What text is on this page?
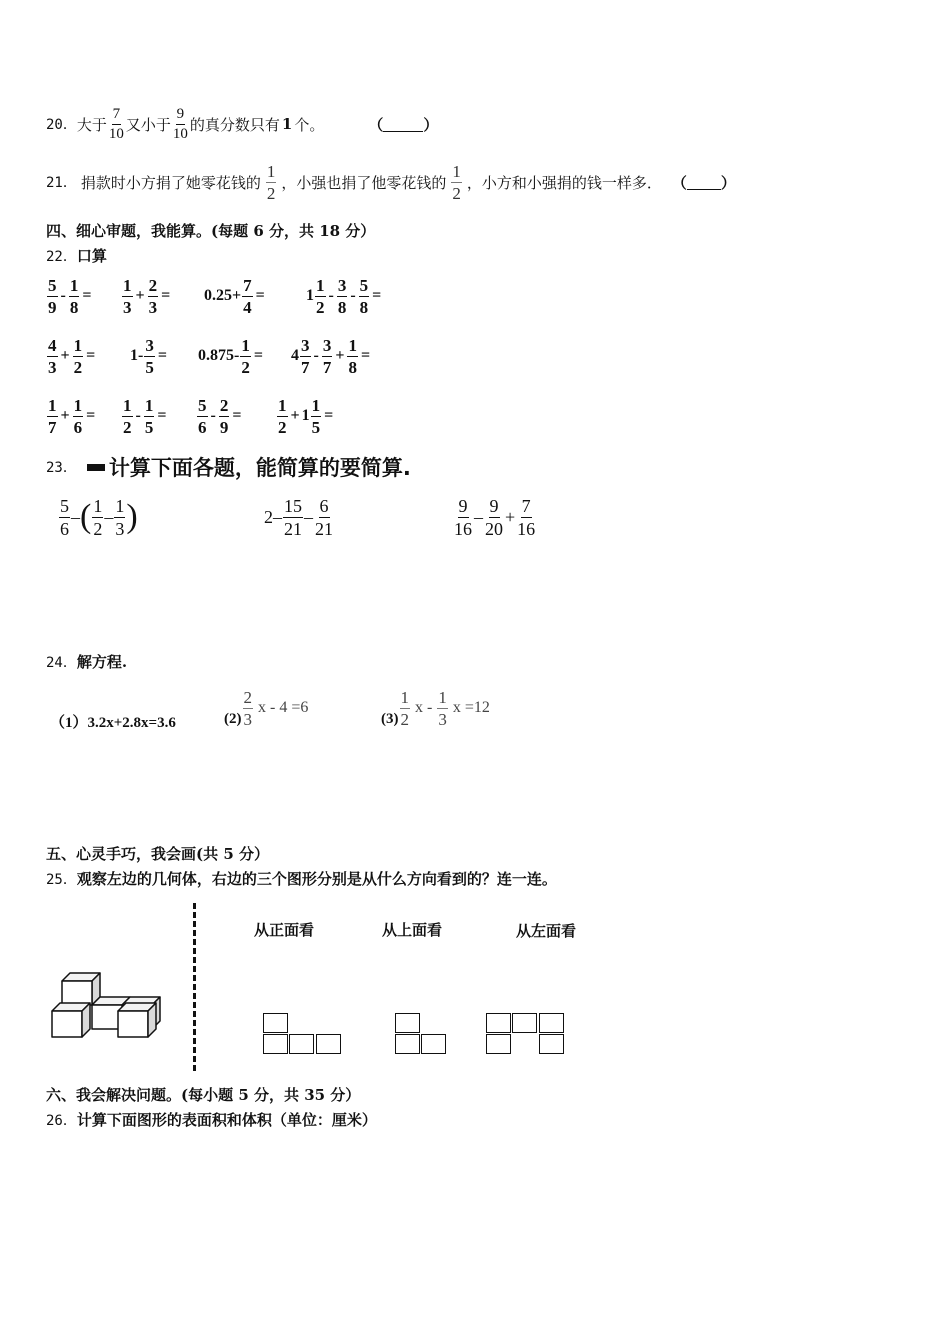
20． 大于 $\frac{7}{10}$ 又小于 $\frac{9}{10}$ 的真分数只有 1 个。	（	）
21． 捐款时小方捐了她零花钱的 $\frac{1}{2}$ ，小强也捐了他零花钱的 $\frac{1}{2}$ ，小方和小强捐的钱一样多． （ ）
四、细心审题，我能算。(每题 6 分，共 18 分）
22．口算
$\frac{5}{9} - \frac{1}{8} = \frac{1}{3} + \frac{2}{3} = 0.25+ \frac{7}{4}$ =	$1 \frac{1}{2} - \frac{3}{8} - \frac{5}{8}$ =
$\frac{4}{3} + \frac{1}{2} = 1- \frac{3}{5} = 0.875- \frac{1}{2} = 4 \frac{3}{7} - \frac{3}{7} + \frac{1}{8}$ =
$\frac{1}{7} + \frac{1}{6} = \frac{1}{2} - \frac{1}{5} = \frac{5}{6} - \frac{2}{9} = \frac{1}{2} + 1 \frac{1}{5}$ =
23． 计算下面各题，能简算的要简算.
$\frac{5}{6}$ – ( $\frac{1}{2} - \frac{1}{3}$ )	$2- \frac{15}{21} - \frac{6}{21}$	$\frac{9}{16} - \frac{9}{20} + \frac{7}{16}$
24．解方程.
（1）3.2x+2.8x=3.6	$(2) \frac{2}{3}$ x - 4 =6
$(3) \frac{1}{2}$ x - $\frac{1}{3}$ x =12
五、心灵手巧，我会画(共 5 分）
25．观察左边的几何体，右边的三个图形分别是从什么方向看到的？连一连。
从正面看	从上面看	从左面看
六、我会解决问题。(每小题 5 分，共 35 分）
26．计算下面图形的表面积和体积（单位：厘米）
